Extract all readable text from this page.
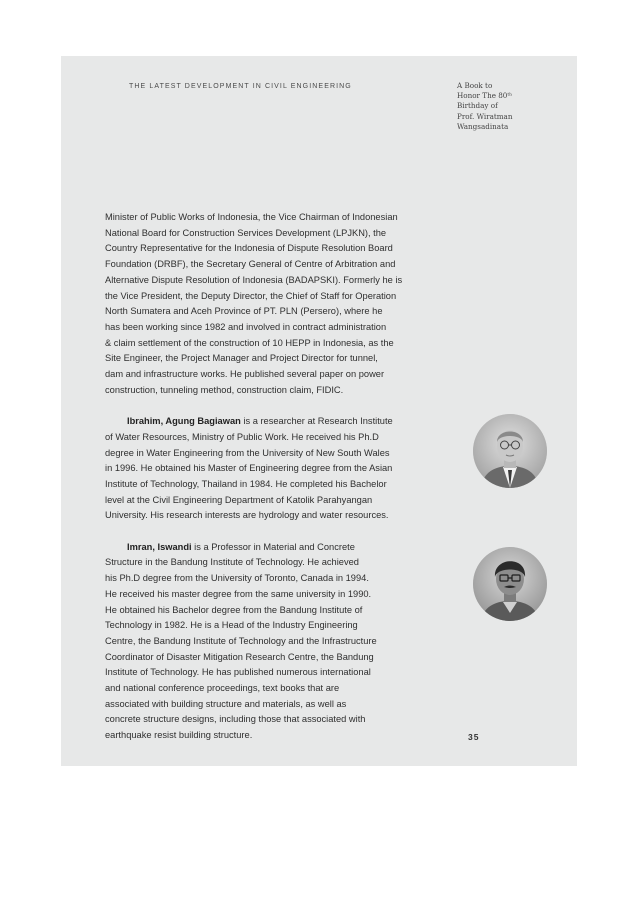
THE LATEST DEVELOPMENT IN CIVIL ENGINEERING	A Book to
Honor The 80ᵗʰ
Birthday of
Prof. Wiratman
Wangsadinata
Minister of Public Works of Indonesia, the Vice Chairman of Indonesian
National Board for Construction Services Development (LPJKN), the
Country Representative for the Indonesia of Dispute Resolution Board
Foundation (DRBF), the Secretary General of Centre of Arbitration and
Alternative Dispute Resolution of Indonesia (BADAPSKI). Formerly he is
the Vice President, the Deputy Director, the Chief of Staff for Operation
North Sumatera and Aceh Province of PT. PLN (Persero), where he
has been working since 1982 and involved in contract administration
& claim settlement of the construction of 10 HEPP in Indonesia, as the
Site Engineer, the Project Manager and Project Director for tunnel,
dam and infrastructure works. He published several paper on power
construction, tunneling method, construction claim, FIDIC.
Ibrahim, Agung Bagiawan is a researcher at Research Institute
of Water Resources, Ministry of Public Work. He received his Ph.D
degree in Water Engineering from the University of New South Wales
in 1996. He obtained his Master of Engineering degree from the Asian
Institute of Technology, Thailand in 1984. He completed his Bachelor
level at the Civil Engineering Department of Katolik Parahyangan
University. His research interests are hydrology and water resources.
Imran, Iswandi is a Professor in Material and Concrete
Structure in the Bandung Institute of Technology. He achieved
his Ph.D degree from the University of Toronto, Canada in 1994.
He received his master degree from the same university in 1990.
He obtained his Bachelor degree from the Bandung Institute of
Technology in 1982. He is a Head of the Industry Engineering
Centre, the Bandung Institute of Technology and the Infrastructure
Coordinator of Disaster Mitigation Research Centre, the Bandung
Institute of Technology. He has published numerous international
and national conference proceedings, text books that are
associated with building structure and materials, as well as
concrete structure designs, including those that associated with
earthquake resist building structure.	35
